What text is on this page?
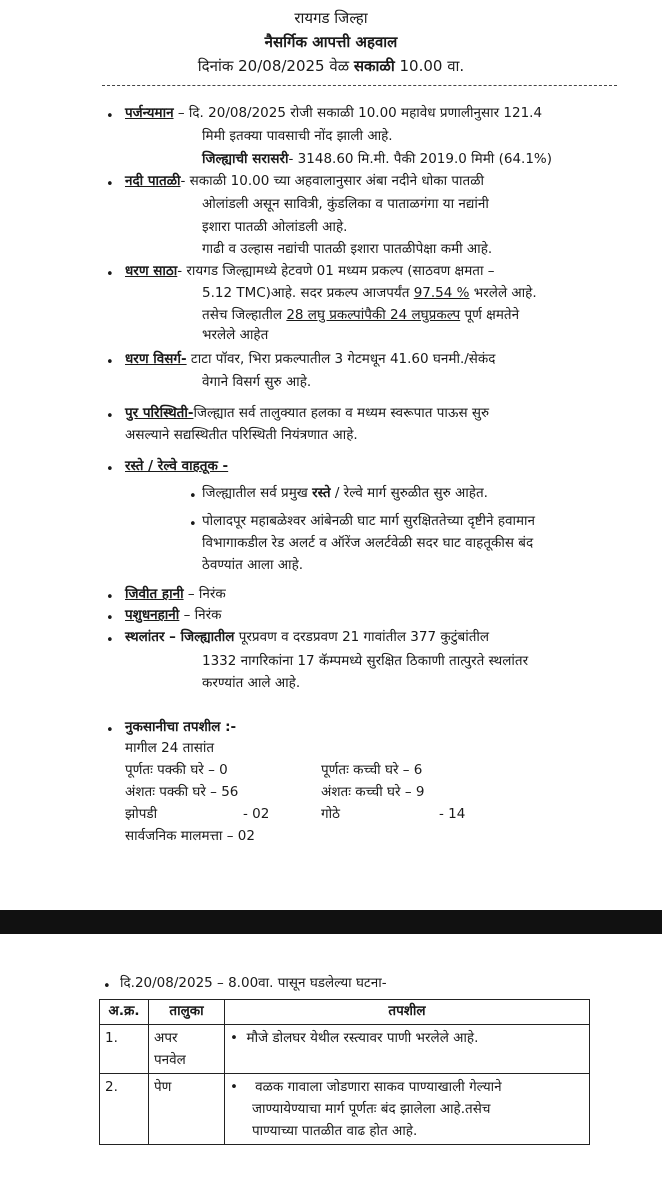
रायगड जिल्हा
नैसर्गिक आपत्ती अहवाल
दिनांक 20/08/2025 वेळ सकाळी 10.00 वा.
• पर्जन्यमान – दि. 20/08/2025 रोजी सकाळी 10.00 महावेध प्रणालीनुसार 121.4
मिमी इतक्या पावसाची नोंद झाली आहे.
जिल्ह्याची सरासरी- 3148.60 मि.मी. पैकी 2019.0 मिमी (64.1%)
• नदी पातळी- सकाळी 10.00 च्या अहवालानुसार अंबा नदीने धोका पातळी
ओलांडली असून सावित्री, कुंडलिका व पाताळगंगा या नद्यांनी
इशारा पातळी ओलांडली आहे.
गाढी व उल्हास नद्यांची पातळी इशारा पातळीपेक्षा कमी आहे.
• धरण साठा- रायगड जिल्ह्यामध्ये हेटवणे 01 मध्यम प्रकल्प (साठवण क्षमता –
5.12 TMC)आहे. सदर प्रकल्प आजपर्यंत 97.54 % भरलेले आहे.
तसेच जिल्हातील 28 लघु प्रकल्पांपैकी 24 लघुप्रकल्प पूर्ण क्षमतेने
भरलेले आहेत
• धरण विसर्ग- टाटा पॉवर, भिरा प्रकल्पातील 3 गेटमधून 41.60 घनमी./सेकंद
वेगाने विसर्ग सुरु आहे.
• पुर परिस्थिती-जिल्ह्यात सर्व तालुक्यात हलका व मध्यम स्वरूपात पाऊस सुरु
असल्याने सद्यस्थितीत परिस्थिती नियंत्रणात आहे.
• रस्ते / रेल्वे वाहतूक -
• जिल्ह्यातील सर्व प्रमुख रस्ते / रेल्वे मार्ग सुरुळीत सुरु आहेत.
• पोलादपूर महाबळेश्वर आंबेनळी घाट मार्ग सुरक्षिततेच्या दृष्टीने हवामान
विभागाकडील रेड अलर्ट व ऑरेंज अलर्टवेळी सदर घाट वाहतूकीस बंद
ठेवण्यांत आला आहे.
• जिवीत हानी – निरंक
• पशुधनहानी – निरंक
• स्थलांतर – जिल्ह्यातील पूरप्रवण व दरडप्रवण 21 गावांतील 377 कुटुंबांतील
1332 नागरिकांना 17 कॅम्पमध्ये सुरक्षित ठिकाणी तात्पुरते स्थलांतर
करण्यांत आले आहे.
• नुकसानीचा तपशील :-
मागील 24 तासांत
पूर्णतः पक्की घरे – 0	पूर्णतः कच्ची घरे – 6
अंशतः पक्की घरे – 56	अंशतः कच्ची घरे – 9
झोपडी	- 02	गोठे	- 14
सार्वजनिक मालमत्ता – 02
• दि.20/08/2025 – 8.00वा. पासून घडलेल्या घटना-
अ.क्र.	तालुका	तपशील
1.	अपर
पनवेल	•  मौजे डोलघर येथील रस्त्यावर पाणी भरलेले आहे.

2.	पेण	•    वळक गावाला जोडणारा साकव पाण्याखाली गेल्याने
जाण्यायेण्याचा मार्ग पूर्णतः बंद झालेला आहे.तसेच
पाण्याच्या पातळीत वाढ होत आहे.
